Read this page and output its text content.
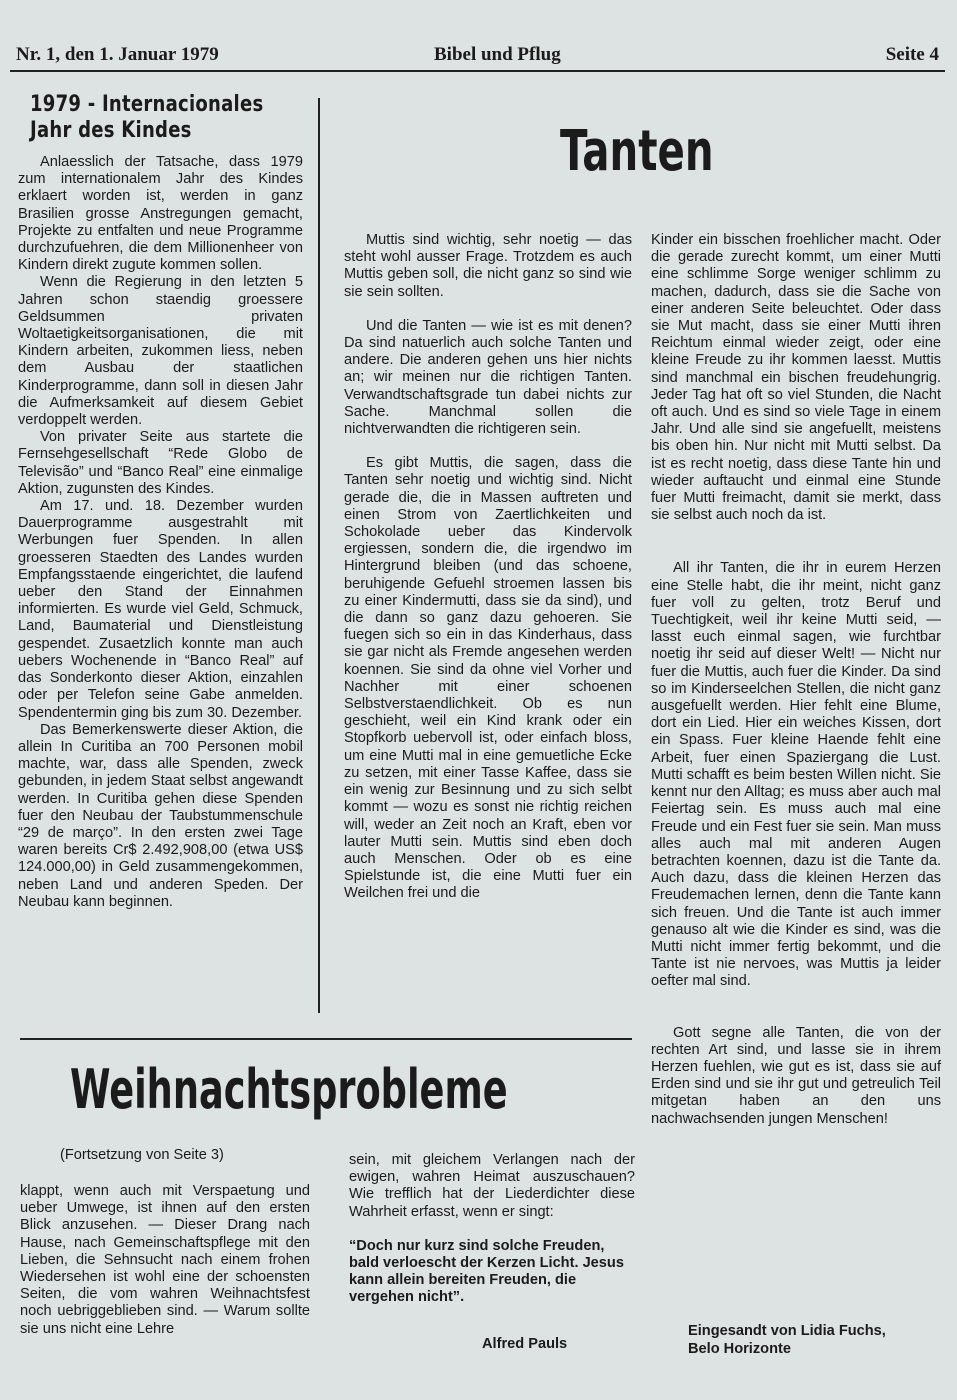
Nr. 1, den 1. Januar 1979	Bibel und Pflug	Seite 4
1979 - Internacionales
Jahr des Kindes

Anlaesslich der Tatsache, dass 1979 zum internationalem Jahr des Kindes erklaert worden ist, werden in ganz Brasilien grosse Anstregungen gemacht, Projekte zu entfalten und neue Programme durchzufuehren, die dem Millionenheer von Kindern direkt zugute kommen sollen.

Wenn die Regierung in den letzten 5 Jahren schon staendig groessere Geldsummen privaten Woltaetigkeitsorganisationen, die mit Kindern arbeiten, zukommen liess, neben dem Ausbau der staatlichen Kinderprogramme, dann soll in diesen Jahr die Aufmerksamkeit auf diesem Gebiet verdoppelt werden.

Von privater Seite aus startete die Fernsehgesellschaft “Rede Globo de Televisão” und “Banco Real” eine einmalige Aktion, zugunsten des Kindes.

Am 17. und. 18. Dezember wurden Dauerprogramme ausgestrahlt mit Werbungen fuer Spenden. In allen groesseren Staedten des Landes wurden Empfangsstaende eingerichtet, die laufend ueber den Stand der Einnahmen informierten. Es wurde viel Geld, Schmuck, Land, Baumaterial und Dienstleistung gespendet. Zusaetzlich konnte man auch uebers Wochenende in “Banco Real” auf das Sonderkonto dieser Aktion, einzahlen oder per Telefon seine Gabe anmelden. Spendentermin ging bis zum 30. Dezember.

Das Bemerkenswerte dieser Aktion, die allein In Curitiba an 700 Personen mobil machte, war, dass alle Spenden, zweck gebunden, in jedem Staat selbst angewandt werden. In Curitiba gehen diese Spenden fuer den Neubau der Taubstummenschule “29 de março”. In den ersten zwei Tage waren bereits Cr$ 2.492,908,00 (etwa US$ 124.000,00) in Geld zusammengekommen, neben Land und anderen Speden. Der Neubau kann beginnen.

Tanten

Muttis sind wichtig, sehr noetig — das steht wohl ausser Frage. Trotzdem es auch Muttis geben soll, die nicht ganz so sind wie sie sein sollten.

Und die Tanten — wie ist es mit denen? Da sind natuerlich auch solche Tanten und andere. Die anderen gehen uns hier nichts an; wir meinen nur die richtigen Tanten. Verwandtschaftsgrade tun dabei nichts zur Sache. Manchmal sollen die nichtverwandten die richtigeren sein.

Es gibt Muttis, die sagen, dass die Tanten sehr noetig und wichtig sind. Nicht gerade die, die in Massen auftreten und einen Strom von Zaertlichkeiten und Schokolade ueber das Kindervolk ergiessen, sondern die, die irgendwo im Hintergrund bleiben (und das schoene, beruhigende Gefuehl stroemen lassen bis zu einer Kindermutti, dass sie da sind), und die dann so ganz dazu gehoeren. Sie fuegen sich so ein in das Kinderhaus, dass sie gar nicht als Fremde angesehen werden koennen. Sie sind da ohne viel Vorher und Nachher mit einer schoenen Selbstverstaendlichkeit. Ob es nun geschieht, weil ein Kind krank oder ein Stopfkorb uebervoll ist, oder einfach bloss, um eine Mutti mal in eine gemuetliche Ecke zu setzen, mit einer Tasse Kaffee, dass sie ein wenig zur Besinnung und zu sich selbt kommt — wozu es sonst nie richtig reichen will, weder an Zeit noch an Kraft, eben vor lauter Mutti sein. Muttis sind eben doch auch Menschen. Oder ob es eine Spielstunde ist, die eine Mutti fuer ein Weilchen frei und die

Kinder ein bisschen froehlicher macht. Oder die gerade zurecht kommt, um einer Mutti eine schlimme Sorge weniger schlimm zu machen, dadurch, dass sie die Sache von einer anderen Seite beleuchtet. Oder dass sie Mut macht, dass sie einer Mutti ihren Reichtum einmal wieder zeigt, oder eine kleine Freude zu ihr kommen laesst. Muttis sind manchmal ein bischen freudehungrig. Jeder Tag hat oft so viel Stunden, die Nacht oft auch. Und es sind so viele Tage in einem Jahr. Und alle sind sie angefuellt, meistens bis oben hin. Nur nicht mit Mutti selbst. Da ist es recht noetig, dass diese Tante hin und wieder auftaucht und einmal eine Stunde fuer Mutti freimacht, damit sie merkt, dass sie selbst auch noch da ist.

All ihr Tanten, die ihr in eurem Herzen eine Stelle habt, die ihr meint, nicht ganz fuer voll zu gelten, trotz Beruf und Tuechtigkeit, weil ihr keine Mutti seid, — lasst euch einmal sagen, wie furchtbar noetig ihr seid auf dieser Welt! — Nicht nur fuer die Muttis, auch fuer die Kinder. Da sind so im Kinderseelchen Stellen, die nicht ganz ausgefuellt werden. Hier fehlt eine Blume, dort ein Lied. Hier ein weiches Kissen, dort ein Spass. Fuer kleine Haende fehlt eine Arbeit, fuer einen Spaziergang die Lust. Mutti schafft es beim besten Willen nicht. Sie kennt nur den Alltag; es muss aber auch mal Feiertag sein. Es muss auch mal eine Freude und ein Fest fuer sie sein. Man muss alles auch mal mit anderen Augen betrachten koennen, dazu ist die Tante da. Auch dazu, dass die kleinen Herzen das Freudemachen lernen, denn die Tante kann sich freuen. Und die Tante ist auch immer genauso alt wie die Kinder es sind, was die Mutti nicht immer fertig bekommt, und die Tante ist nie nervoes, was Muttis ja leider oefter mal sind.

Gott segne alle Tanten, die von der rechten Art sind, und lasse sie in ihrem Herzen fuehlen, wie gut es ist, dass sie auf Erden sind und sie ihr gut und getreulich Teil mitgetan haben an den uns nachwachsenden jungen Menschen!

Eingesandt von Lidia Fuchs,
Belo Horizonte
Weihnachtsprobleme
(Fortsetzung von Seite 3)

klappt, wenn auch mit Verspaetung und ueber Umwege, ist ihnen auf den ersten Blick anzusehen. — Dieser Drang nach Hause, nach Gemeinschaftspflege mit den Lieben, die Sehnsucht nach einem frohen Wiedersehen ist wohl eine der schoensten Seiten, die vom wahren Weihnachtsfest noch uebriggeblieben sind. — Warum sollte sie uns nicht eine Lehre

sein, mit gleichem Verlangen nach der ewigen, wahren Heimat auszuschauen? Wie trefflich hat der Liederdichter diese Wahrheit erfasst, wenn er singt:

“Doch nur kurz sind solche Freuden, bald verloescht der Kerzen Licht. Jesus kann allein bereiten Freuden, die vergehen nicht”.

Alfred Pauls
